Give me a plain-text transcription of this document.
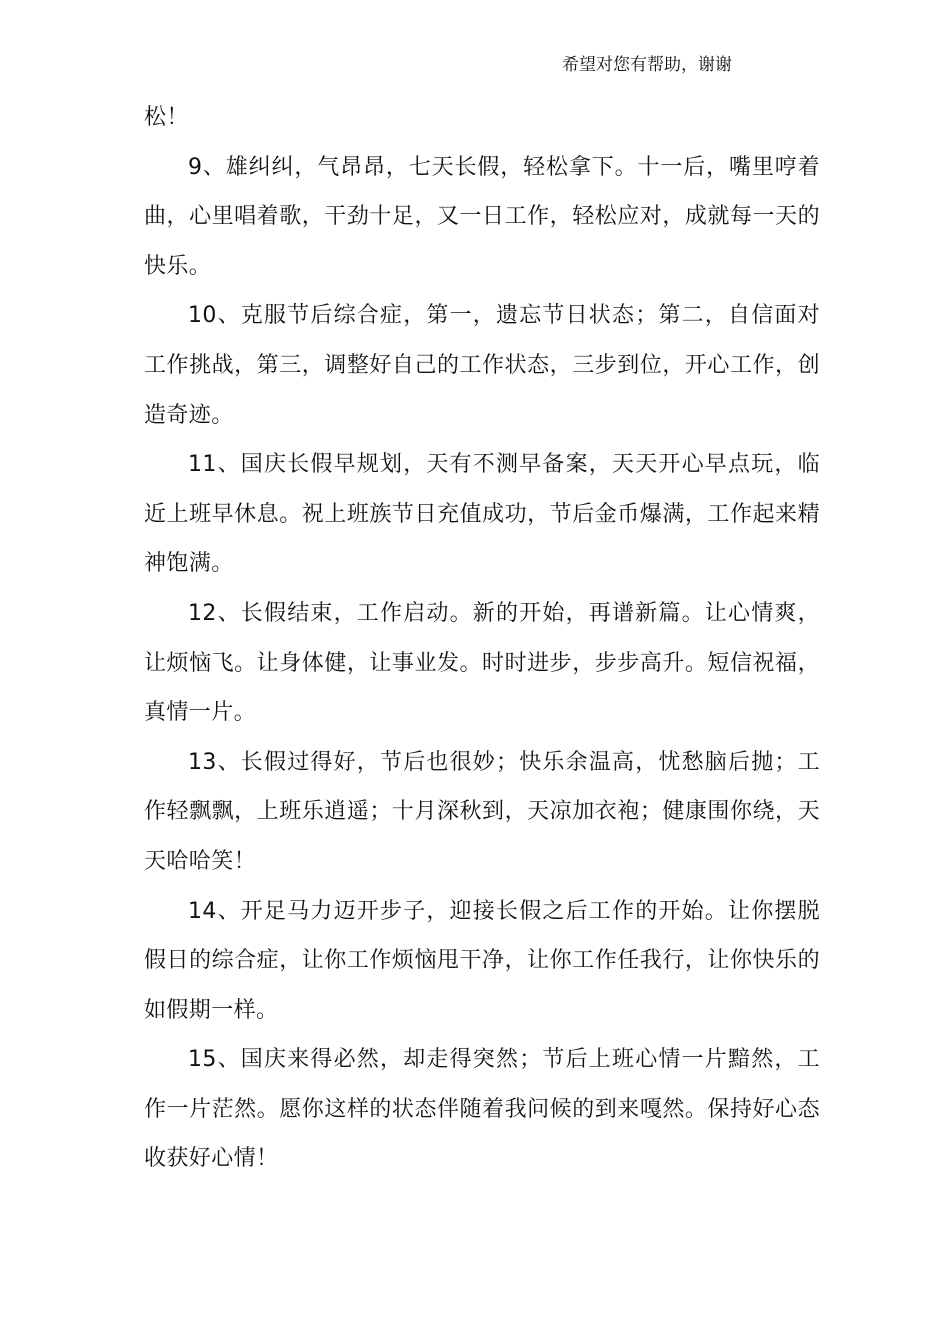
希望对您有帮助，谢谢

松！

9、雄纠纠，气昂昂，七天长假，轻松拿下。十一后，嘴里哼着曲，心里唱着歌，干劲十足，又一日工作，轻松应对，成就每一天的快乐。

10、克服节后综合症，第一，遗忘节日状态；第二，自信面对工作挑战，第三，调整好自己的工作状态，三步到位，开心工作，创造奇迹。

11、国庆长假早规划，天有不测早备案，天天开心早点玩，临近上班早休息。祝上班族节日充值成功，节后金币爆满，工作起来精神饱满。

12、长假结束，工作启动。新的开始，再谱新篇。让心情爽，让烦恼飞。让身体健，让事业发。时时进步，步步高升。短信祝福，真情一片。

13、长假过得好，节后也很妙；快乐余温高，忧愁脑后抛；工作轻飘飘，上班乐逍遥；十月深秋到，天凉加衣袍；健康围你绕，天天哈哈笑！

14、开足马力迈开步子，迎接长假之后工作的开始。让你摆脱假日的综合症，让你工作烦恼甩干净，让你工作任我行，让你快乐的如假期一样。

15、国庆来得必然，却走得突然；节后上班心情一片黯然，工作一片茫然。愿你这样的状态伴随着我问候的到来嘎然。保持好心态收获好心情！
